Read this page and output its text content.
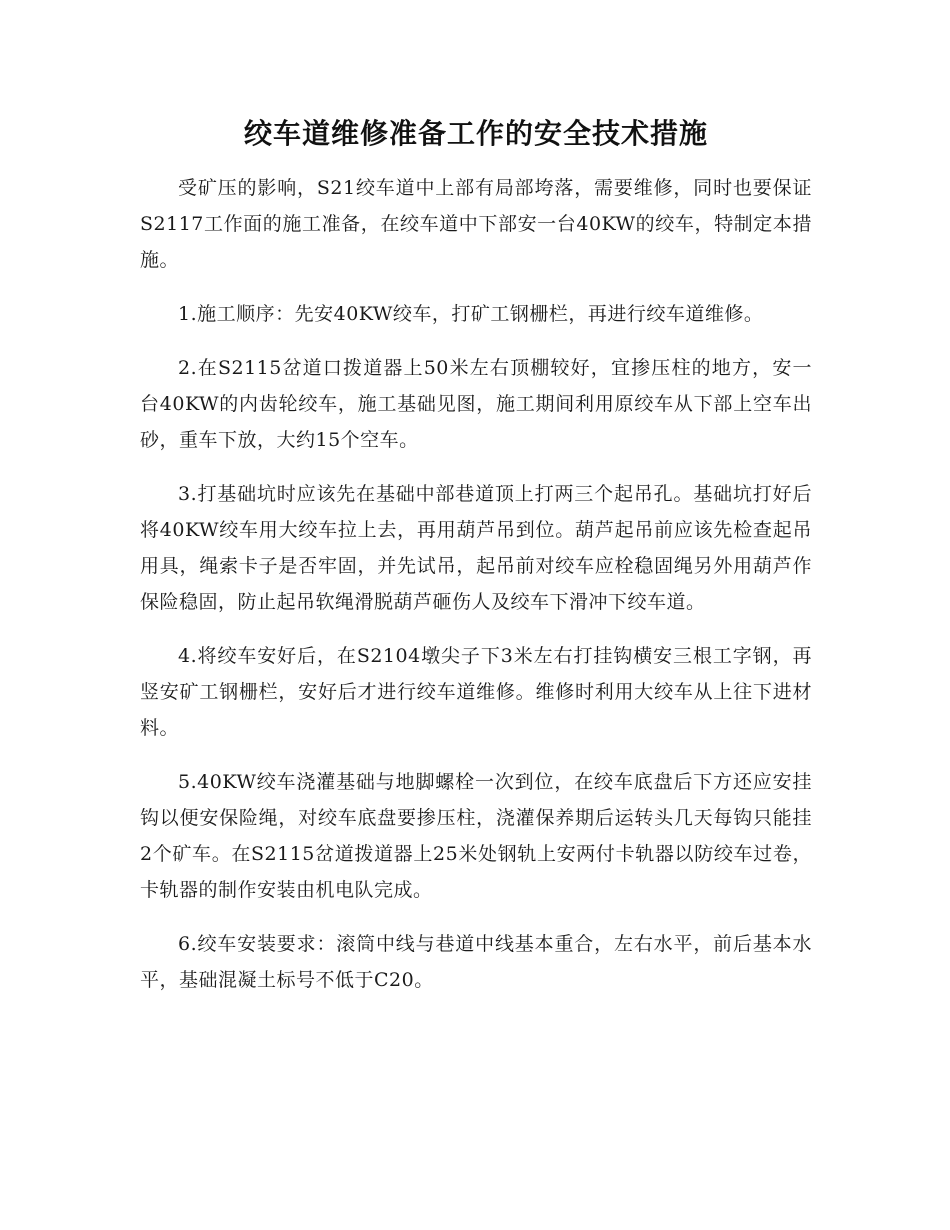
绞车道维修准备工作的安全技术措施

受矿压的影响，S21绞车道中上部有局部垮落，需要维修，同时也要保证S2117工作面的施工准备，在绞车道中下部安一台40KW的绞车，特制定本措施。

1.施工顺序：先安40KW绞车，打矿工钢栅栏，再进行绞车道维修。

2.在S2115岔道口拨道器上50米左右顶棚较好，宜掺压柱的地方，安一台40KW的内齿轮绞车，施工基础见图，施工期间利用原绞车从下部上空车出砂，重车下放，大约15个空车。

3.打基础坑时应该先在基础中部巷道顶上打两三个起吊孔。基础坑打好后将40KW绞车用大绞车拉上去，再用葫芦吊到位。葫芦起吊前应该先检查起吊用具，绳索卡子是否牢固，并先试吊，起吊前对绞车应栓稳固绳另外用葫芦作保险稳固，防止起吊软绳滑脱葫芦砸伤人及绞车下滑冲下绞车道。

4.将绞车安好后，在S2104墩尖子下3米左右打挂钩横安三根工字钢，再竖安矿工钢栅栏，安好后才进行绞车道维修。维修时利用大绞车从上往下进材料。

5.40KW绞车浇灌基础与地脚螺栓一次到位，在绞车底盘后下方还应安挂钩以便安保险绳，对绞车底盘要掺压柱，浇灌保养期后运转头几天每钩只能挂2个矿车。在S2115岔道拨道器上25米处钢轨上安两付卡轨器以防绞车过卷，卡轨器的制作安装由机电队完成。

6.绞车安装要求：滚筒中线与巷道中线基本重合，左右水平，前后基本水平，基础混凝土标号不低于C20。
